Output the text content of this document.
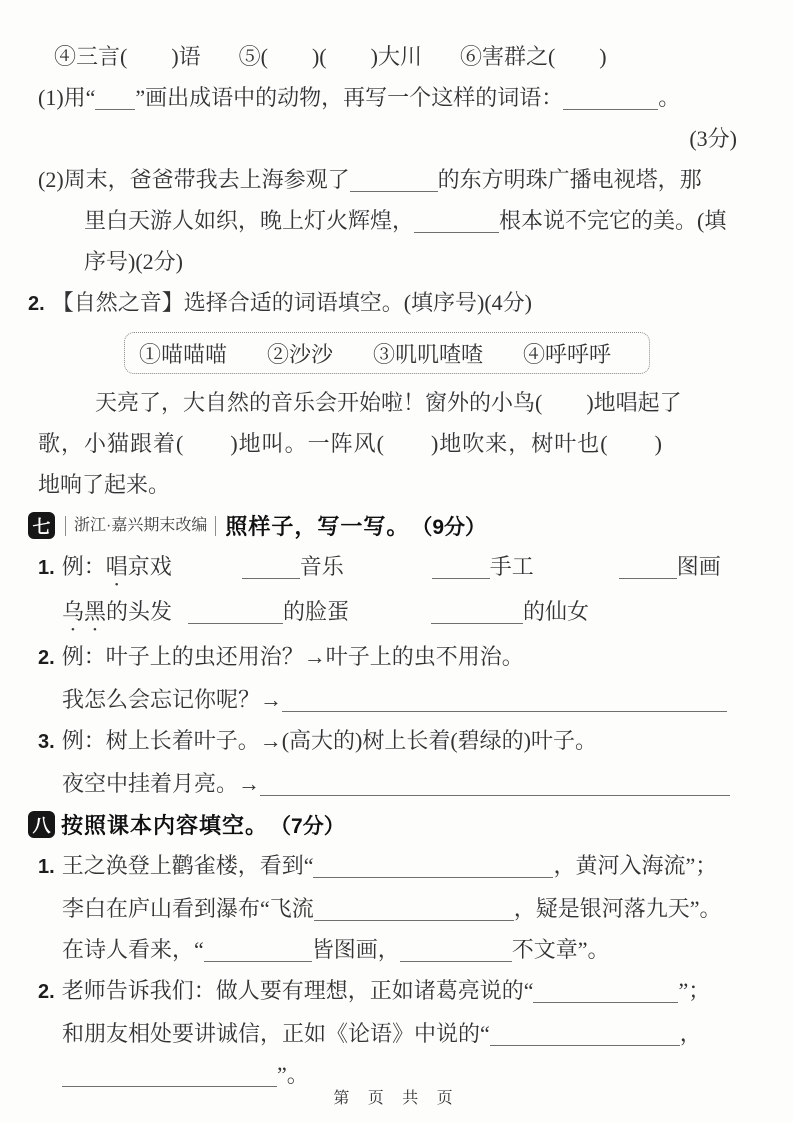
④三言(　　)语 ⑤(　　)(　　)大川 ⑥害群之(　　)
(1)用“ ”画出成语中的动物，再写一个这样的词语：	。
(3分)
(2)周末，爸爸带我去上海参观了	的东方明珠广播电视塔，那
里白天游人如织，晚上灯火辉煌，	根本说不完它的美。(填
序号)(2分)
2. 【自然之音】选择合适的词语填空。(填序号)(4分)
①喵喵喵 ②沙沙 ③叽叽喳喳 ④呼呼呼
天亮了，大自然的音乐会开始啦！窗外的小鸟(　　)地唱起了
歌，小猫跟着(　　)地叫。一阵风(　　)地吹来，树叶也(　　)
地响了起来。
七	浙江·嘉兴期末改编 照样子，写一写。 （9分）
1. 例：唱京戏	音乐	手工	图画
乌黑的头发	的脸蛋	的仙女
2. 例：叶子上的虫还用治？→叶子上的虫不用治。
我怎么会忘记你呢？→
3. 例：树上长着叶子。→(高大的)树上长着(碧绿的)叶子。
夜空中挂着月亮。→
八 按照课本内容填空。 （7分）
1. 王之涣登上鹳雀楼，看到“	，黄河入海流”；
李白在庐山看到瀑布“飞流	，疑是银河落九天”。
在诗人看来，“	皆图画，	不文章”。
2. 老师告诉我们：做人要有理想，正如诸葛亮说的“	”；
和朋友相处要讲诚信，正如《论语》中说的“	，
”。
第 页 共 页
